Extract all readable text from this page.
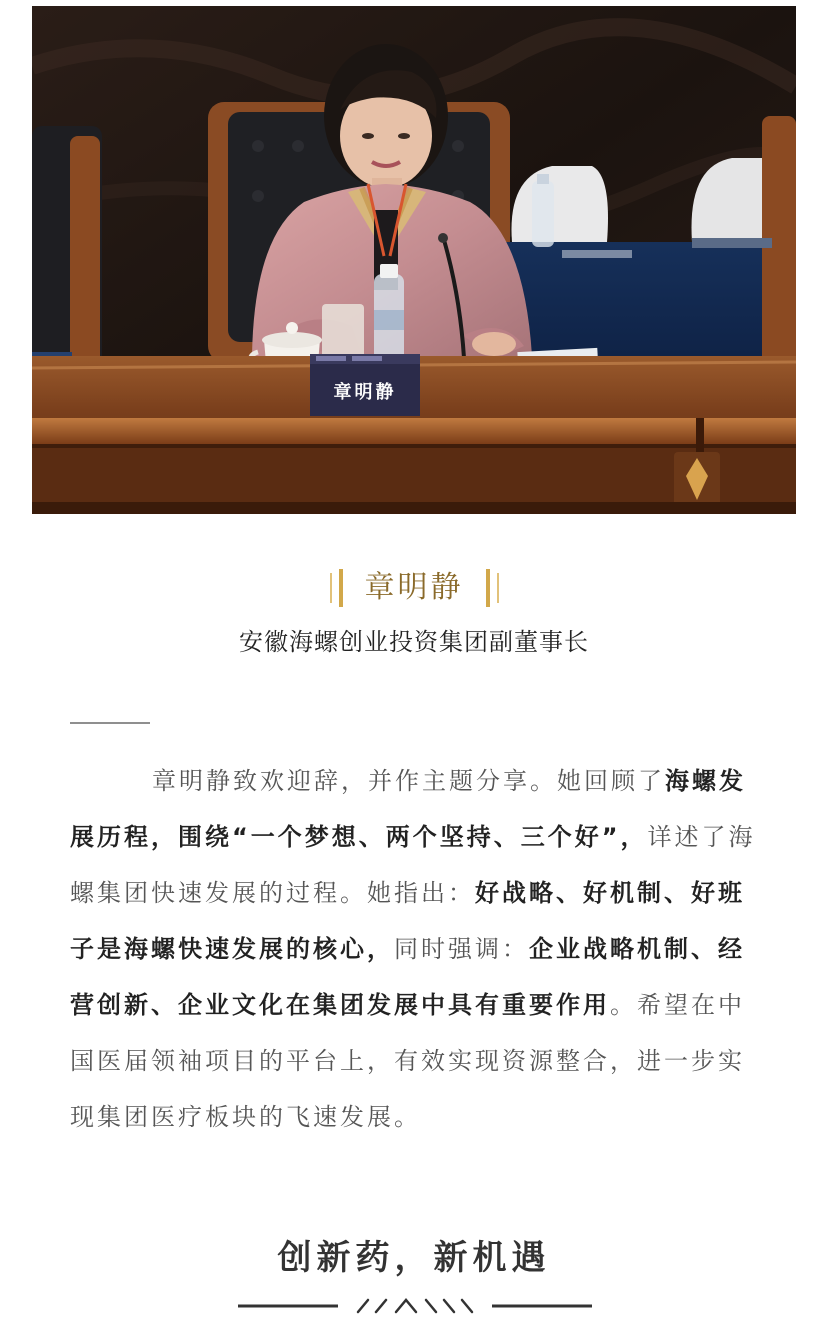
章明静
章明静
安徽海螺创业投资集团副董事长

章明静致欢迎辞，并作主题分享。她回顾了海螺发展历程，围绕“一个梦想、两个坚持、三个好”，详述了海螺集团快速发展的过程。她指出：好战略、好机制、好班子是海螺快速发展的核心，同时强调：企业战略机制、经营创新、企业文化在集团发展中具有重要作用。希望在中国医届领袖项目的平台上，有效实现资源整合，进一步实现集团医疗板块的飞速发展。

创新药，新机遇
